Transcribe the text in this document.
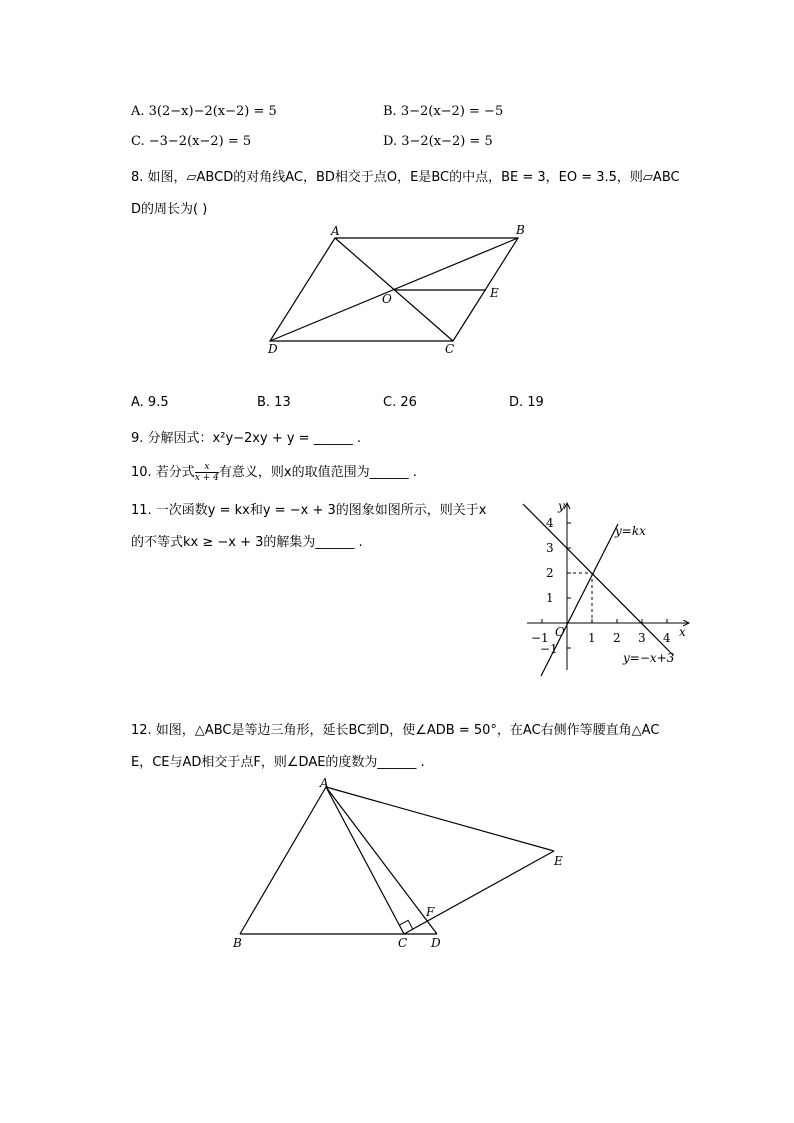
A. 3(2−x)−2(x−2) = 5	B. 3−2(x−2) = −5
C. −3−2(x−2) = 5	D. 3−2(x−2) = 5
8. 如图，▱ABCD的对角线AC，BD相交于点O，E是BC的中点，BE = 3，EO = 3.5，则▱ABC
D的周长为( )
A	B
C
D
O	E
A. 9.5	B. 13	C. 26	D. 19
9. 分解因式：x²y−2xy + y = ______ .
10. 若分式 $\frac{x}{x + 4}$ 有意义，则x的取值范围为______ .
11. 一次函数y = kx和y = −x + 3的图象如图所示，则关于x
的不等式kx ≥ −x + 3的解集为______ .
y
x
O
y=kx
y=−x+3
−1	1 2 3 4
4
3
2
1
−1
12. 如图，△ABC是等边三角形，延长BC到D，使∠ADB = 50°，在AC右侧作等腰直角△AC
E，CE与AD相交于点F，则∠DAE的度数为______ .
A
B	C D
E
F
